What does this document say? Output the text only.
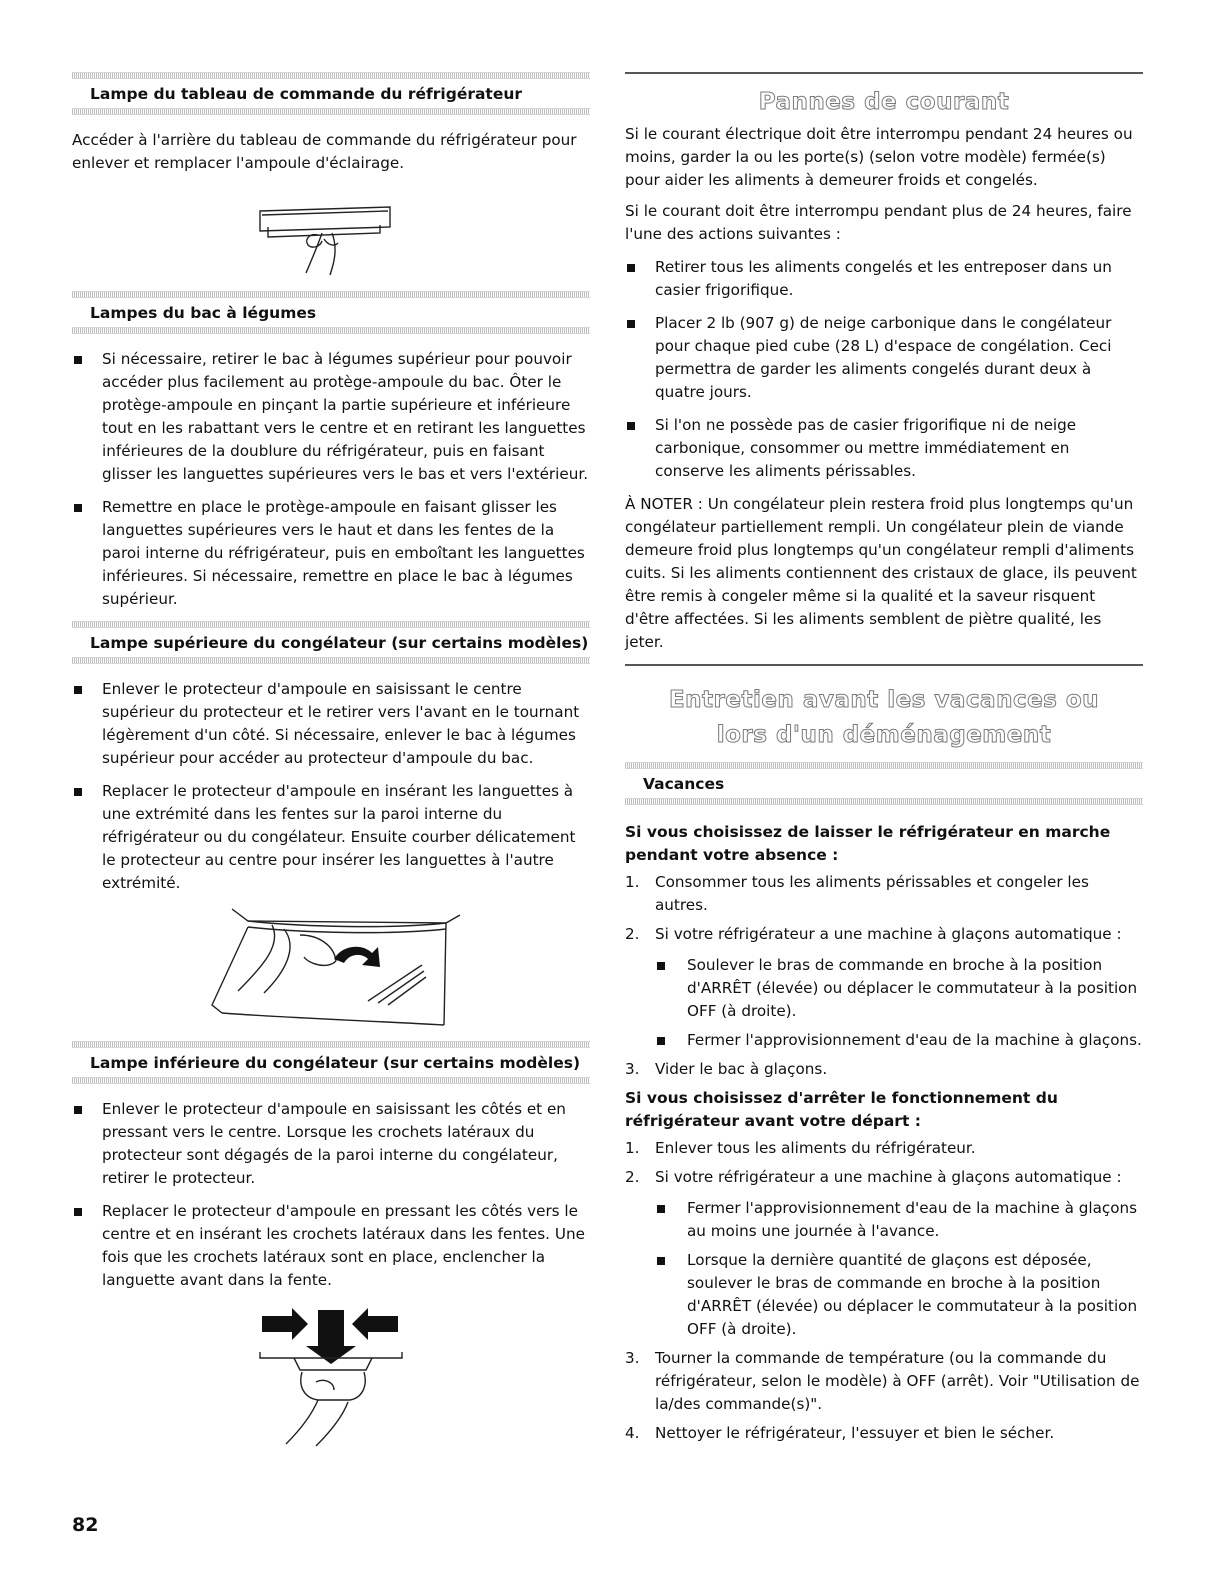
Lampe du tableau de commande du réfrigérateur

Accéder à l'arrière du tableau de commande du réfrigérateur pour enlever et remplacer l'ampoule d'éclairage.

Lampes du bac à légumes
Si nécessaire, retirer le bac à légumes supérieur pour pouvoir accéder plus facilement au protège-ampoule du bac. Ôter le protège-ampoule en pinçant la partie supérieure et inférieure tout en les rabattant vers le centre et en retirant les languettes inférieures de la doublure du réfrigérateur, puis en faisant glisser les languettes supérieures vers le bas et vers l'extérieur.
Remettre en place le protège-ampoule en faisant glisser les languettes supérieures vers le haut et dans les fentes de la paroi interne du réfrigérateur, puis en emboîtant les languettes inférieures. Si nécessaire, remettre en place le bac à légumes supérieur.
Lampe supérieure du congélateur (sur certains modèles)
Enlever le protecteur d'ampoule en saisissant le centre supérieur du protecteur et le retirer vers l'avant en le tournant légèrement d'un côté. Si nécessaire, enlever le bac à légumes supérieur pour accéder au protecteur d'ampoule du bac.
Replacer le protecteur d'ampoule en insérant les languettes à une extrémité dans les fentes sur la paroi interne du réfrigérateur ou du congélateur. Ensuite courber délicatement le protecteur au centre pour insérer les languettes à l'autre extrémité.
Lampe inférieure du congélateur (sur certains modèles)
Enlever le protecteur d'ampoule en saisissant les côtés et en pressant vers le centre. Lorsque les crochets latéraux du protecteur sont dégagés de la paroi interne du congélateur, retirer le protecteur.
Replacer le protecteur d'ampoule en pressant les côtés vers le centre et en insérant les crochets latéraux dans les fentes. Une fois que les crochets latéraux sont en place, enclencher la languette avant dans la fente.
82
Pannes de courant

Si le courant électrique doit être interrompu pendant 24 heures ou moins, garder la ou les porte(s) (selon votre modèle) fermée(s) pour aider les aliments à demeurer froids et congelés.

Si le courant doit être interrompu pendant plus de 24 heures, faire l'une des actions suivantes :

Retirer tous les aliments congelés et les entreposer dans un casier frigorifique.
Placer 2 lb (907 g) de neige carbonique dans le congélateur pour chaque pied cube (28 L) d'espace de congélation. Ceci permettra de garder les aliments congelés durant deux à quatre jours.
Si l'on ne possède pas de casier frigorifique ni de neige carbonique, consommer ou mettre immédiatement en conserve les aliments périssables.

À NOTER : Un congélateur plein restera froid plus longtemps qu'un congélateur partiellement rempli. Un congélateur plein de viande demeure froid plus longtemps qu'un congélateur rempli d'aliments cuits. Si les aliments contiennent des cristaux de glace, ils peuvent être remis à congeler même si la qualité et la saveur risquent d'être affectées. Si les aliments semblent de piètre qualité, les jeter.

Entretien avant les vacances ou
lors d'un déménagement
Vacances
Si vous choisissez de laisser le réfrigérateur en marche pendant votre absence :
1. Consommer tous les aliments périssables et congeler les autres.
2. Si votre réfrigérateur a une machine à glaçons automatique :
Soulever le bras de commande en broche à la position d'ARRÊT (élevée) ou déplacer le commutateur à la position OFF (à droite).
Fermer l'approvisionnement d'eau de la machine à glaçons.
3. Vider le bac à glaçons.
Si vous choisissez d'arrêter le fonctionnement du réfrigérateur avant votre départ :
1. Enlever tous les aliments du réfrigérateur.
2. Si votre réfrigérateur a une machine à glaçons automatique :
Fermer l'approvisionnement d'eau de la machine à glaçons au moins une journée à l'avance.
Lorsque la dernière quantité de glaçons est déposée, soulever le bras de commande en broche à la position d'ARRÊT (élevée) ou déplacer le commutateur à la position OFF (à droite).
3. Tourner la commande de température (ou la commande du réfrigérateur, selon le modèle) à OFF (arrêt). Voir "Utilisation de la/des commande(s)".
4. Nettoyer le réfrigérateur, l'essuyer et bien le sécher.
